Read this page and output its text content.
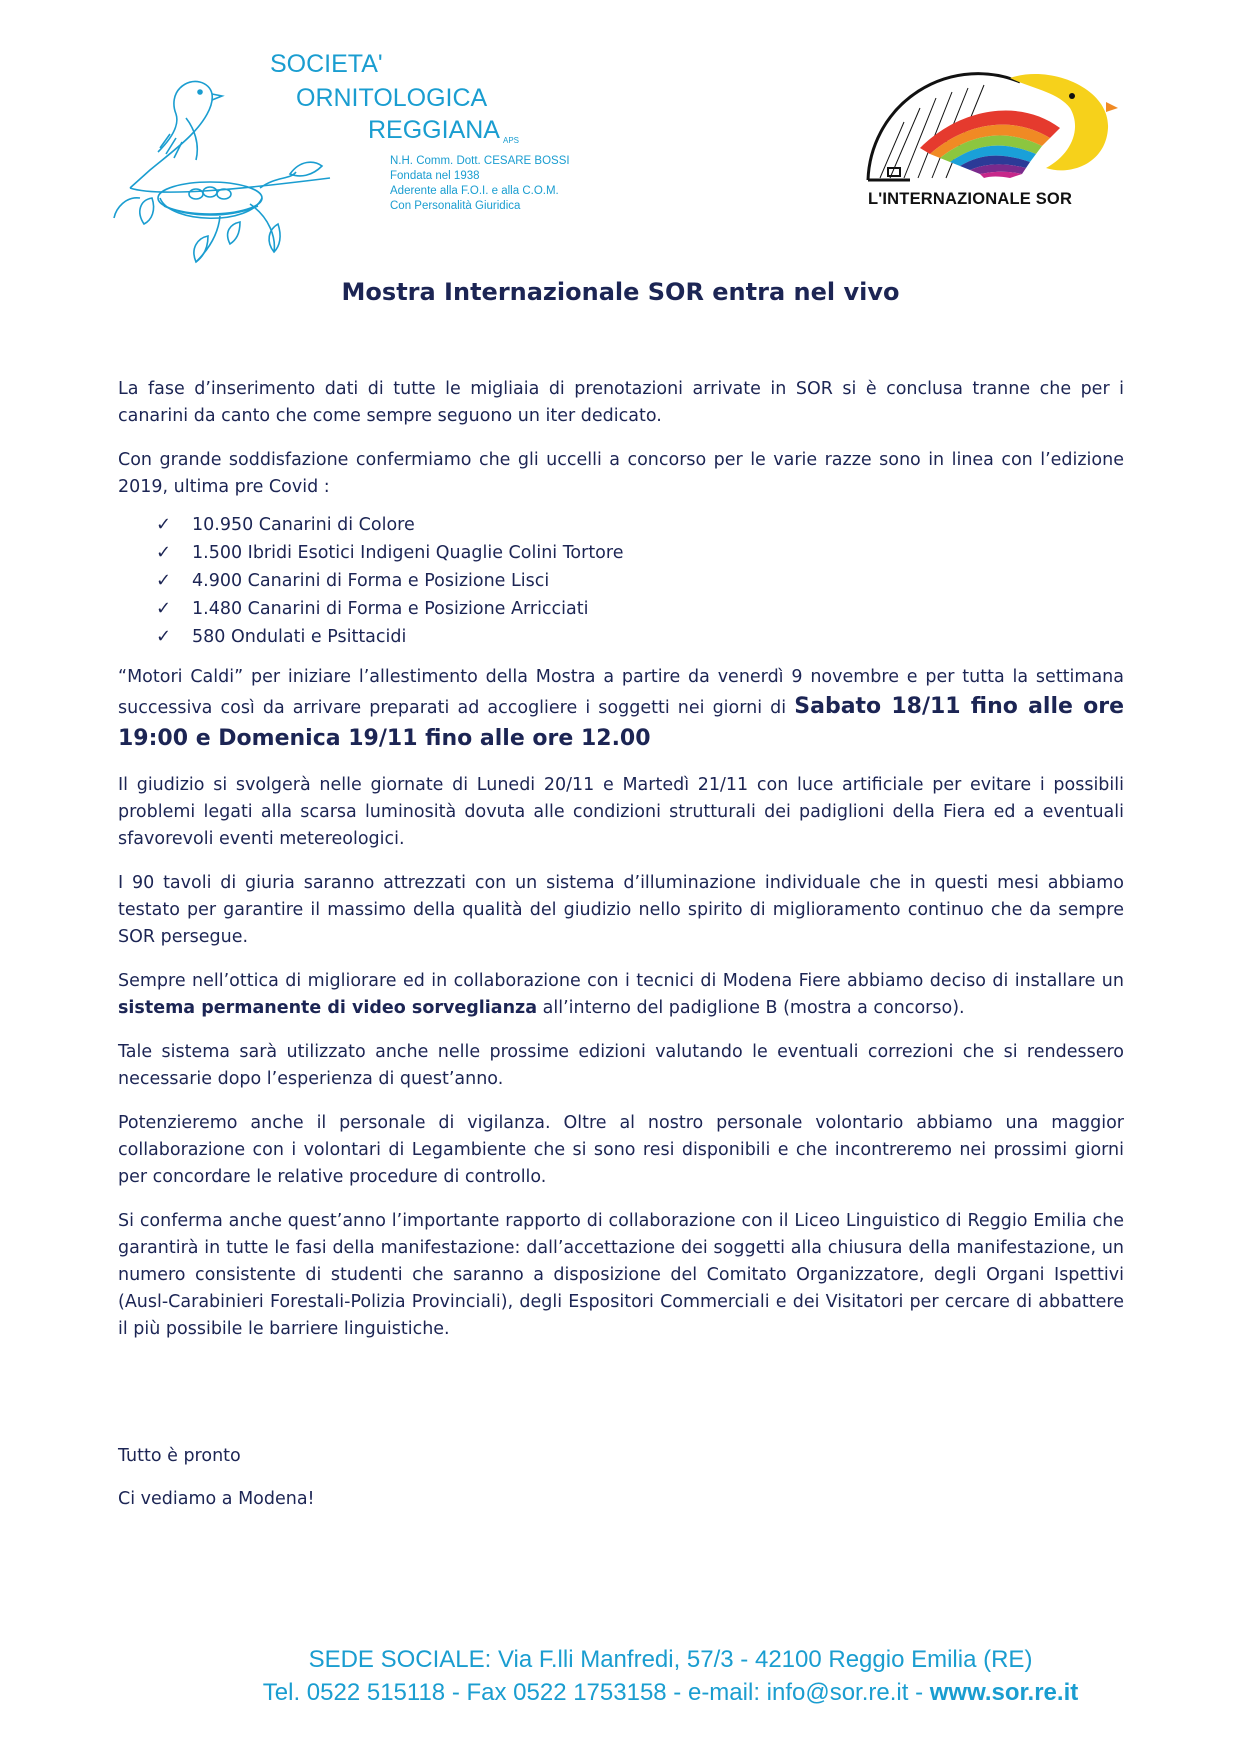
SOCIETA'
ORNITOLOGICA
REGGIANA APS
N.H. Comm. Dott. CESARE BOSSI
Fondata nel 1938
Aderente alla F.O.I. e alla C.O.M.
Con Personalità Giuridica	L'INTERNAZIONALE SOR
Mostra Internazionale SOR entra nel vivo

La fase d’inserimento dati di tutte le migliaia di prenotazioni arrivate in SOR si è conclusa tranne che per i canarini da canto che come sempre seguono un iter dedicato.

Con grande soddisfazione confermiamo che gli uccelli a concorso per le varie razze sono in linea con l’edizione 2019, ultima pre Covid :

✓ 10.950 Canarini di Colore
✓ 1.500 Ibridi Esotici Indigeni Quaglie Colini Tortore
✓ 4.900 Canarini di Forma e Posizione Lisci
✓ 1.480 Canarini di Forma e Posizione Arricciati
✓ 580 Ondulati e Psittacidi

“Motori Caldi” per iniziare l’allestimento della Mostra a partire da venerdì 9 novembre e per tutta la settimana successiva così da arrivare preparati ad accogliere i soggetti nei giorni di Sabato 18/11 fino alle ore 19:00 e Domenica 19/11 fino alle ore 12.00

Il giudizio si svolgerà nelle giornate di Lunedi 20/11 e Martedì 21/11 con luce artificiale per evitare i possibili problemi legati alla scarsa luminosità dovuta alle condizioni strutturali dei padiglioni della Fiera ed a eventuali sfavorevoli eventi metereologici.

I 90 tavoli di giuria saranno attrezzati con un sistema d’illuminazione individuale che in questi mesi abbiamo testato per garantire il massimo della qualità del giudizio nello spirito di miglioramento continuo che da sempre SOR persegue.

Sempre nell’ottica di migliorare ed in collaborazione con i tecnici di Modena Fiere abbiamo deciso di installare un sistema permanente di video sorveglianza all’interno del padiglione B (mostra a concorso).

Tale sistema sarà utilizzato anche nelle prossime edizioni valutando le eventuali correzioni che si rendessero necessarie dopo l’esperienza di quest’anno.

Potenzieremo anche il personale di vigilanza. Oltre al nostro personale volontario abbiamo una maggior collaborazione con i volontari di Legambiente che si sono resi disponibili e che incontreremo nei prossimi giorni per concordare le relative procedure di controllo.

Si conferma anche quest’anno l’importante rapporto di collaborazione con il Liceo Linguistico di Reggio Emilia che garantirà in tutte le fasi della manifestazione: dall’accettazione dei soggetti alla chiusura della manifestazione, un numero consistente di studenti che saranno a disposizione del Comitato Organizzatore, degli Organi Ispettivi (Ausl-Carabinieri Forestali-Polizia Provinciali), degli Espositori Commerciali e dei Visitatori per cercare di abbattere il più possibile le barriere linguistiche.

Tutto è pronto
Ci vediamo a Modena!
SEDE SOCIALE: Via F.lli Manfredi, 57/3 - 42100 Reggio Emilia (RE)
Tel. 0522 515118 - Fax 0522 1753158 - e-mail: info@sor.re.it - www.sor.re.it
